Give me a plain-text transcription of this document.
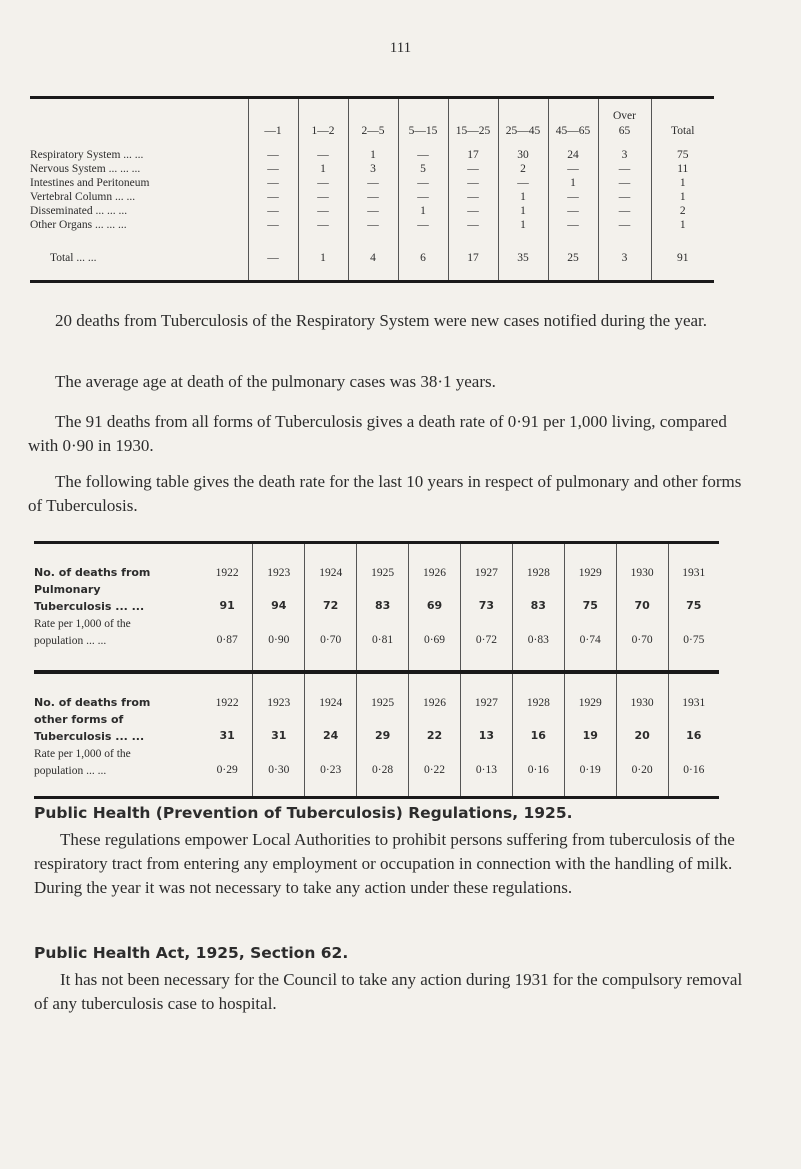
111
	—1	1—2	2—5	5—15	15—25	25—45	45—65	Over 65	Total
Respiratory System ... ...	—	—	1	—	17	30	24	3	75
Nervous System ... ... ...	—	1	3	5	—	2	—	—	11
Intestines and Peritoneum	—	—	—	—	—	—	1	—	1
Vertebral Column ... ...	—	—	—	—	—	1	—	—	1
Disseminated ... ... ...	—	—	—	1	—	1	—	—	2
Other Organs ... ... ...	—	—	—	—	—	1	—	—	1

Total ... ...	—	1	4	6	17	35	25	3	91
20 deaths from Tuberculosis of the Respiratory System were new cases notified during the year.
The average age at death of the pulmonary cases was 38·1 years.
The 91 deaths from all forms of Tuberculosis gives a death rate of 0·91 per 1,000 living, compared with 0·90 in 1930.
The following table gives the death rate for the last 10 years in respect of pulmonary and other forms of Tuberculosis.
No. of deaths from	1922	1923	1924	1925	1926	1927	1928	1929	1930	1931
Pulmonary										
Tuberculosis ... ...	91	94	72	83	69	73	83	75	70	75
Rate per 1,000 of the										
population ... ...	0·87	0·90	0·70	0·81	0·69	0·72	0·83	0·74	0·70	0·75
No. of deaths from	1922	1923	1924	1925	1926	1927	1928	1929	1930	1931
other forms of										
Tuberculosis ... ...	31	31	24	29	22	13	16	19	20	16
Rate per 1,000 of the										
population ... ...	0·29	0·30	0·23	0·28	0·22	0·13	0·16	0·19	0·20	0·16
Public Health (Prevention of Tuberculosis) Regulations, 1925.
These regulations empower Local Authorities to prohibit persons suffering from tuberculosis of the respiratory tract from entering any employment or occupation in connection with the handling of milk. During the year it was not necessary to take any action under these regulations.
Public Health Act, 1925, Section 62.
It has not been necessary for the Council to take any action during 1931 for the compulsory removal of any tuberculosis case to hospital.
